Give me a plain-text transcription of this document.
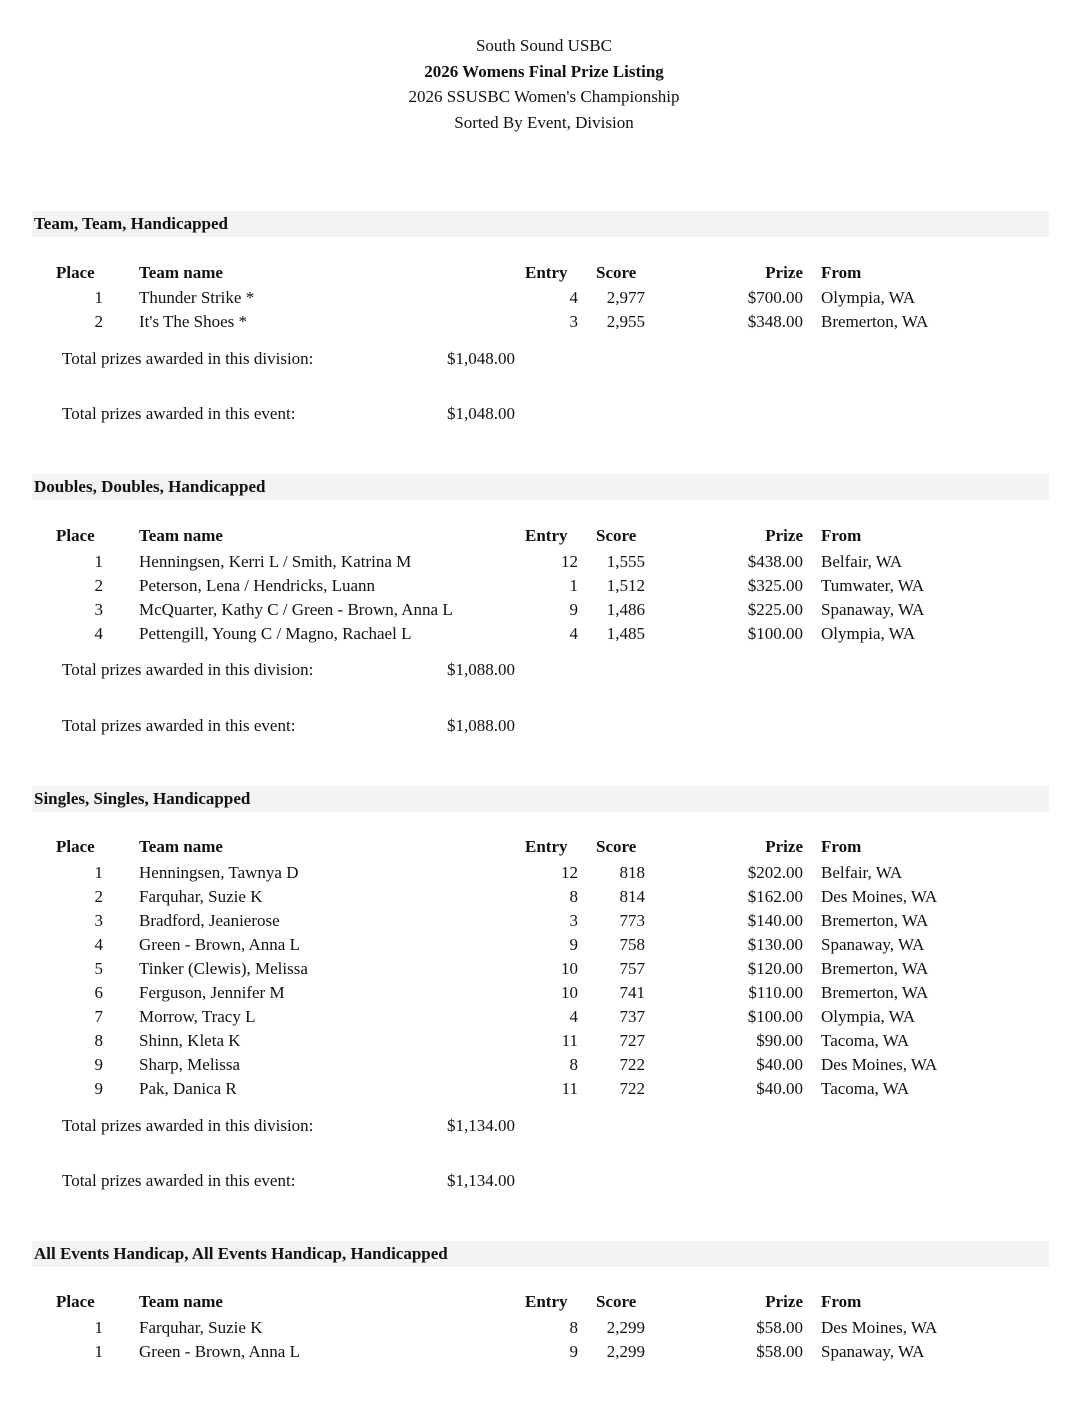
South Sound USBC
2026 Womens Final Prize Listing
2026 SSUSBC Women's Championship
Sorted By Event, Division
Team, Team, Handicapped
Place	Team name	Entry Score	Prize From
1 Thunder Strike *	4 2,977	$700.00 Olympia, WA
2 It's The Shoes *	3 2,955	$348.00 Bremerton, WA
Total prizes awarded in this division:	$1,048.00
Total prizes awarded in this event:	$1,048.00
Doubles, Doubles, Handicapped
Place	Team name	Entry Score	Prize From
1 Henningsen, Kerri L / Smith, Katrina M	12 1,555	$438.00 Belfair, WA
2 Peterson, Lena / Hendricks, Luann	1 1,512	$325.00 Tumwater, WA
3 McQuarter, Kathy C / Green - Brown, Anna L	9 1,486	$225.00 Spanaway, WA
4 Pettengill, Young C / Magno, Rachael L	4 1,485	$100.00 Olympia, WA
Total prizes awarded in this division:	$1,088.00
Total prizes awarded in this event:	$1,088.00
Singles, Singles, Handicapped
Place	Team name	Entry Score	Prize From
1 Henningsen, Tawnya D	12 818	$202.00 Belfair, WA
2 Farquhar, Suzie K	8 814	$162.00 Des Moines, WA
3 Bradford, Jeanierose	3 773	$140.00 Bremerton, WA
4 Green - Brown, Anna L	9 758	$130.00 Spanaway, WA
5 Tinker (Clewis), Melissa	10 757	$120.00 Bremerton, WA
6 Ferguson, Jennifer M	10 741	$110.00 Bremerton, WA
7 Morrow, Tracy L	4 737	$100.00 Olympia, WA
8 Shinn, Kleta K	11 727	$90.00 Tacoma, WA
9 Sharp, Melissa	8 722	$40.00 Des Moines, WA
9 Pak, Danica R	11 722	$40.00 Tacoma, WA
Total prizes awarded in this division:	$1,134.00
Total prizes awarded in this event:	$1,134.00
All Events Handicap, All Events Handicap, Handicapped
Place	Team name	Entry Score	Prize From
1 Farquhar, Suzie K	8 2,299	$58.00 Des Moines, WA
1 Green - Brown, Anna L	9 2,299	$58.00 Spanaway, WA
